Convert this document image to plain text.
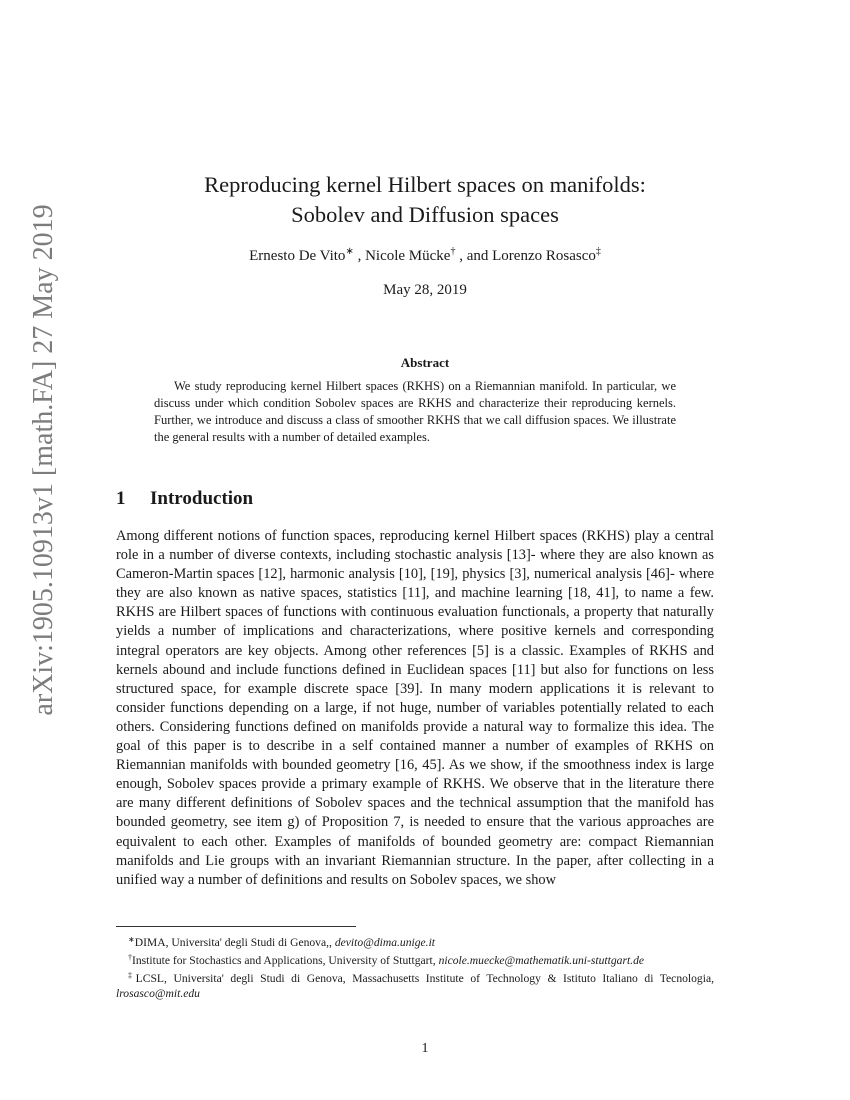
arXiv:1905.10913v1 [math.FA] 27 May 2019
Reproducing kernel Hilbert spaces on manifolds:
Sobolev and Diffusion spaces
Ernesto De Vito∗ , Nicole Mücke† , and Lorenzo Rosasco‡
May 28, 2019
Abstract
We study reproducing kernel Hilbert spaces (RKHS) on a Riemannian manifold. In particular, we discuss under which condition Sobolev spaces are RKHS and characterize their reproducing kernels. Further, we introduce and discuss a class of smoother RKHS that we call diffusion spaces. We illustrate the general results with a number of detailed examples.
1 Introduction
Among different notions of function spaces, reproducing kernel Hilbert spaces (RKHS) play a central role in a number of diverse contexts, including stochastic analysis [13]- where they are also known as Cameron-Martin spaces [12], harmonic analysis [10], [19], physics [3], numerical analysis [46]- where they are also known as native spaces, statistics [11], and machine learning [18, 41], to name a few. RKHS are Hilbert spaces of functions with continuous evaluation functionals, a property that naturally yields a number of implications and characterizations, where positive kernels and corresponding integral operators are key objects. Among other references [5] is a classic. Examples of RKHS and kernels abound and include functions defined in Euclidean spaces [11] but also for functions on less structured space, for example discrete space [39]. In many modern applications it is relevant to consider functions depending on a large, if not huge, number of variables potentially related to each others. Considering functions defined on manifolds provide a natural way to formalize this idea. The goal of this paper is to describe in a self contained manner a number of examples of RKHS on Riemannian manifolds with bounded geometry [16, 45]. As we show, if the smoothness index is large enough, Sobolev spaces provide a primary example of RKHS. We observe that in the literature there are many different definitions of Sobolev spaces and the technical assumption that the manifold has bounded geometry, see item g) of Proposition 7, is needed to ensure that the various approaches are equivalent to each other. Examples of manifolds of bounded geometry are: compact Riemannian manifolds and Lie groups with an invariant Riemannian structure. In the paper, after collecting in a unified way a number of definitions and results on Sobolev spaces, we show
∗DIMA, Universita' degli Studi di Genova,, devito@dima.unige.it
†Institute for Stochastics and Applications, University of Stuttgart, nicole.muecke@mathematik.uni-stuttgart.de
‡LCSL, Universita' degli Studi di Genova, Massachusetts Institute of Technology & Istituto Italiano di Tecnologia, lrosasco@mit.edu
1
